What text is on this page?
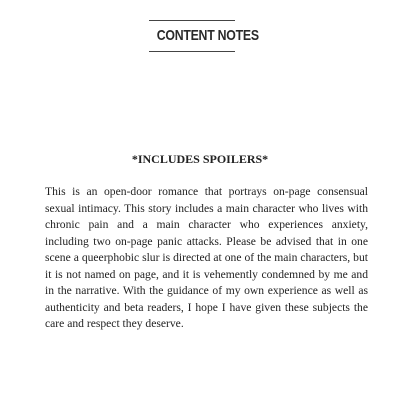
CONTENT NOTES
*INCLUDES SPOILERS*

This is an open-door romance that portrays on-page consensual sexual intimacy. This story includes a main character who lives with chronic pain and a main character who experiences anxiety, including two on-page panic attacks. Please be advised that in one scene a queerphobic slur is directed at one of the main characters, but it is not named on page, and it is vehemently condemned by me and in the narrative. With the guidance of my own experience as well as authenticity and beta readers, I hope I have given these subjects the care and respect they deserve.
